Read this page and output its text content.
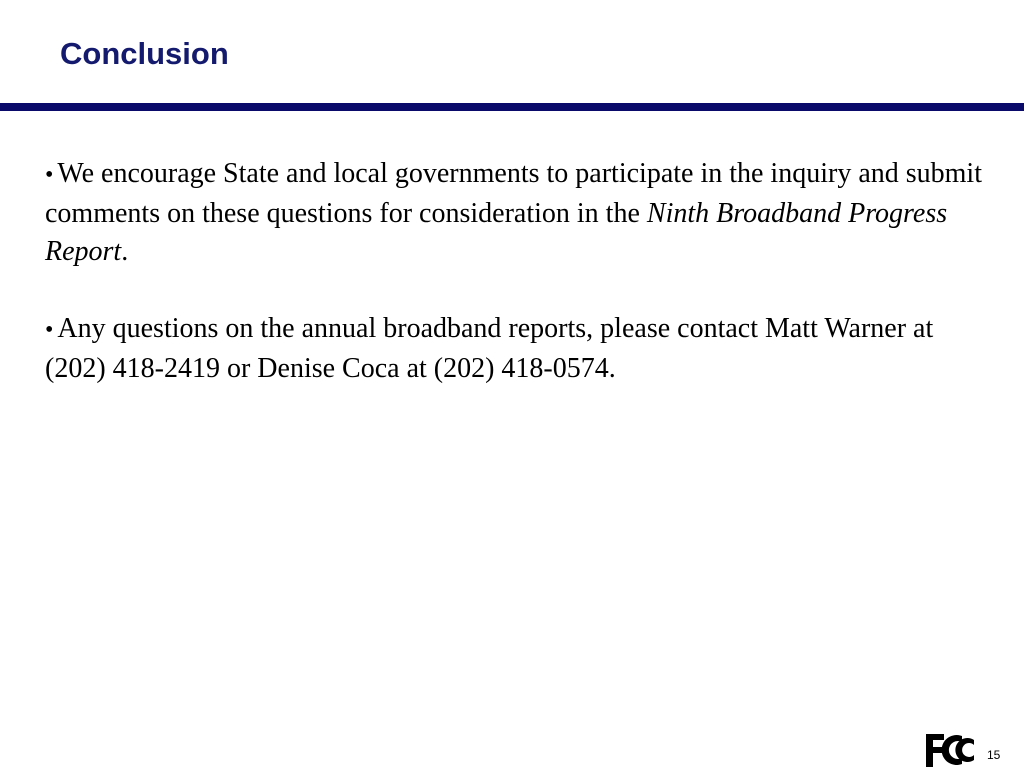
Conclusion

• We encourage State and local governments to participate in the inquiry and submit comments on these questions for consideration in the Ninth Broadband Progress Report.

• Any questions on the annual broadband reports, please contact Matt Warner at (202) 418-2419 or Denise Coca at (202) 418-0574.

15
